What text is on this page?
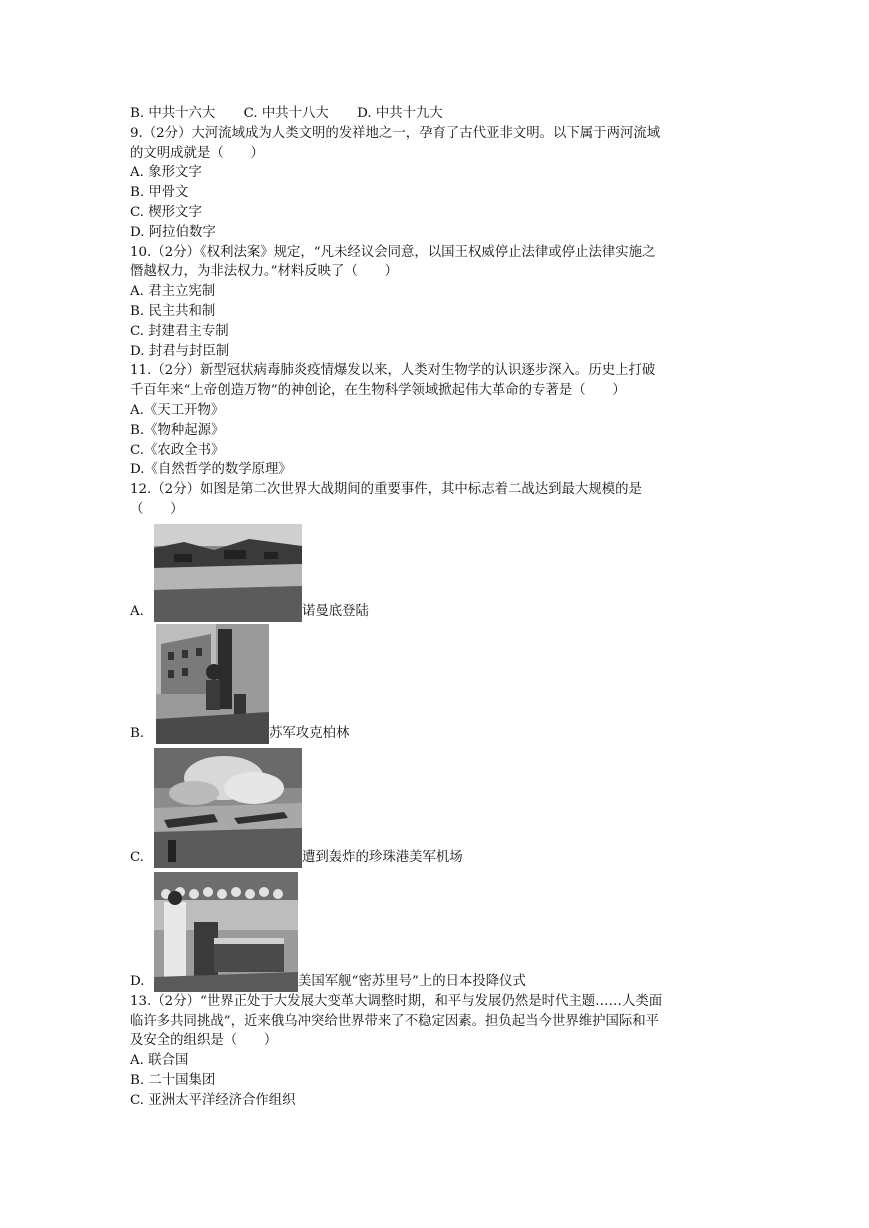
B. 中共十六大 C. 中共十八大 D. 中共十九大
9.（2分）大河流域成为人类文明的发祥地之一，孕育了古代亚非文明。以下属于两河流域
的文明成就是（　　）
A. 象形文字
B. 甲骨文
C. 楔形文字
D. 阿拉伯数字
10.（2分）《权利法案》规定，“凡未经议会同意，以国王权威停止法律或停止法律实施之
僭越权力，为非法权力。”材料反映了（　　）
A. 君主立宪制
B. 民主共和制
C. 封建君主专制
D. 封君与封臣制
11.（2分）新型冠状病毒肺炎疫情爆发以来，人类对生物学的认识逐步深入。历史上打破
千百年来“上帝创造万物”的神创论，在生物科学领域掀起伟大革命的专著是（　　）
A.《天工开物》
B.《物种起源》
C.《农政全书》
D.《自然哲学的数学原理》
12.（2分）如图是第二次世界大战期间的重要事件，其中标志着二战达到最大规模的是
（　　）
A.	诺曼底登陆
B.	苏军攻克柏林
C.	遭到轰炸的珍珠港美军机场
D.	美国军舰“密苏里号”上的日本投降仪式
13.（2分）“世界正处于大发展大变革大调整时期，和平与发展仍然是时代主题……人类面
临许多共同挑战”，近来俄乌冲突给世界带来了不稳定因素。担负起当今世界维护国际和平
及安全的组织是（　　）
A. 联合国
B. 二十国集团
C. 亚洲太平洋经济合作组织
